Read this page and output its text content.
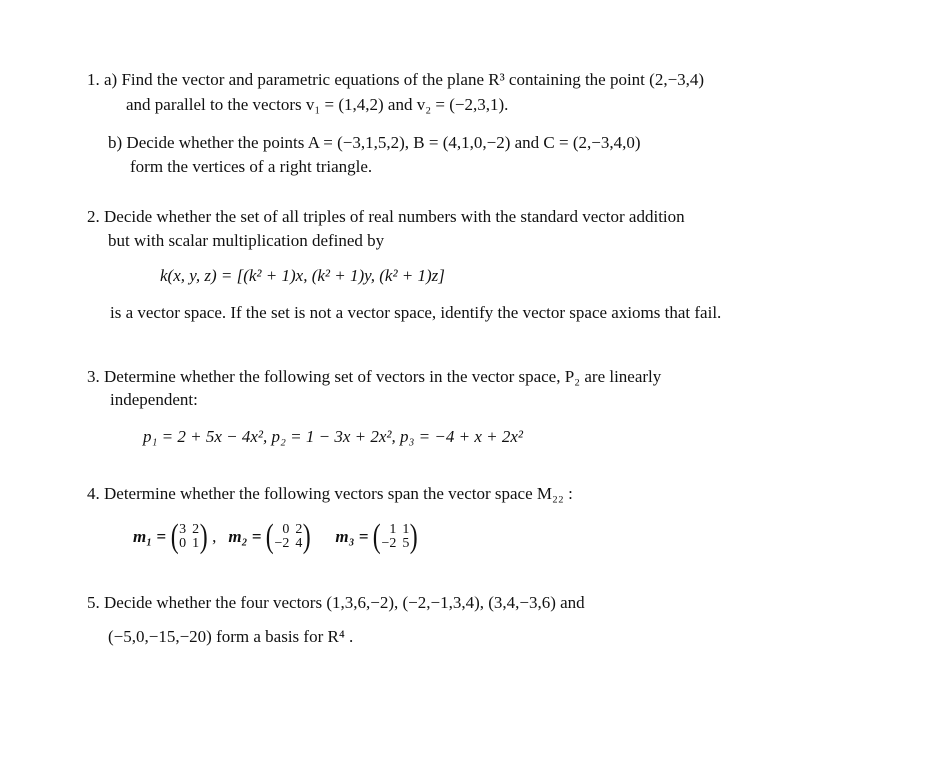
1. a) Find the vector and parametric equations of the plane R³ containing the point (2,−3,4)
and parallel to the vectors v₁ = (1,4,2) and v₂ = (−2,3,1).
b) Decide whether the points A = (−3,1,5,2), B = (4,1,0,−2) and C = (2,−3,4,0)
form the vertices of a right triangle.
2. Decide whether the set of all triples of real numbers with the standard vector addition
but with scalar multiplication defined by
k(x, y, z) = [(k² + 1)x, (k² + 1)y, (k² + 1)z]
is a vector space. If the set is not a vector space, identify the vector space axioms that fail.
3. Determine whether the following set of vectors in the vector space, P₂ are linearly
independent:
p₁ = 2 + 5x − 4x², p₂ = 1 − 3x + 2x², p₃ = −4 + x + 2x²
4. Determine whether the following vectors span the vector space M₂₂ :
m₁ = ( 3	2
0	1 ) , m₂ = ( 0	2
−2	4 ) m₃ = ( 1	1
−2	5 )
5. Decide whether the four vectors (1,3,6,−2), (−2,−1,3,4), (3,4,−3,6) and
(−5,0,−15,−20) form a basis for R⁴ .
